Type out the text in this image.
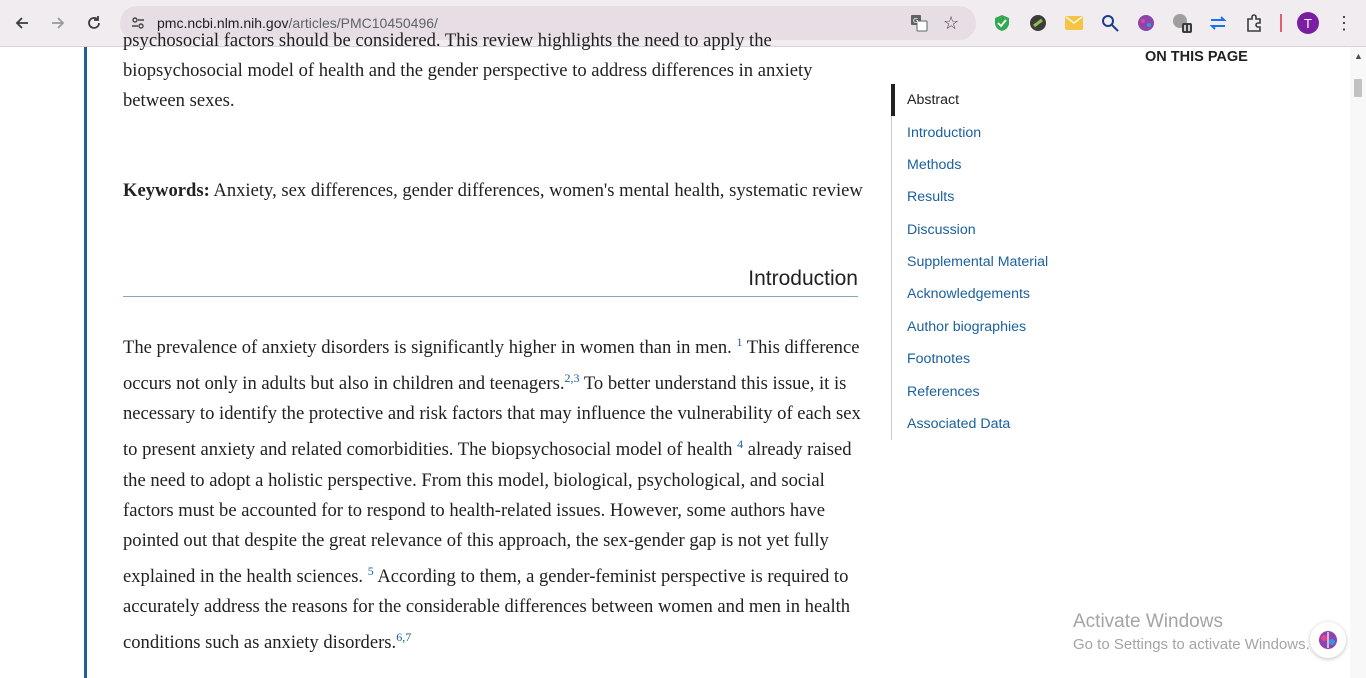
pmc.ncbi.nlm.nih.gov/articles/PMC10450496/	G ☆	T ⋮

psychosocial factors should be considered. This review highlights the need to apply the biopsychosocial model of health and the gender perspective to address differences in anxiety between sexes.

Keywords: Anxiety, sex differences, gender differences, women's mental health, systematic review

Introduction

The prevalence of anxiety disorders is significantly higher in women than in men. $^1$ This difference occurs not only in adults but also in children and teenagers.$^{2,3}$ To better understand this issue, it is necessary to identify the protective and risk factors that may influence the vulnerability of each sex to present anxiety and related comorbidities. The biopsychosocial model of health $^4$ already raised the need to adopt a holistic perspective. From this model, biological, psychological, and social factors must be accounted for to respond to health-related issues. However, some authors have pointed out that despite the great relevance of this approach, the sex-gender gap is not yet fully explained in the health sciences. $^5$ According to them, a gender-feminist perspective is required to accurately address the reasons for the considerable differences between women and men in health conditions such as anxiety disorders.$^{6,7}$

ON THIS PAGE
Abstract
Introduction
Methods
Results
Discussion
Supplemental Material
Acknowledgements
Author biographies
Footnotes
References
Associated Data
▲
Activate Windows
Go to Settings to activate Windows.
